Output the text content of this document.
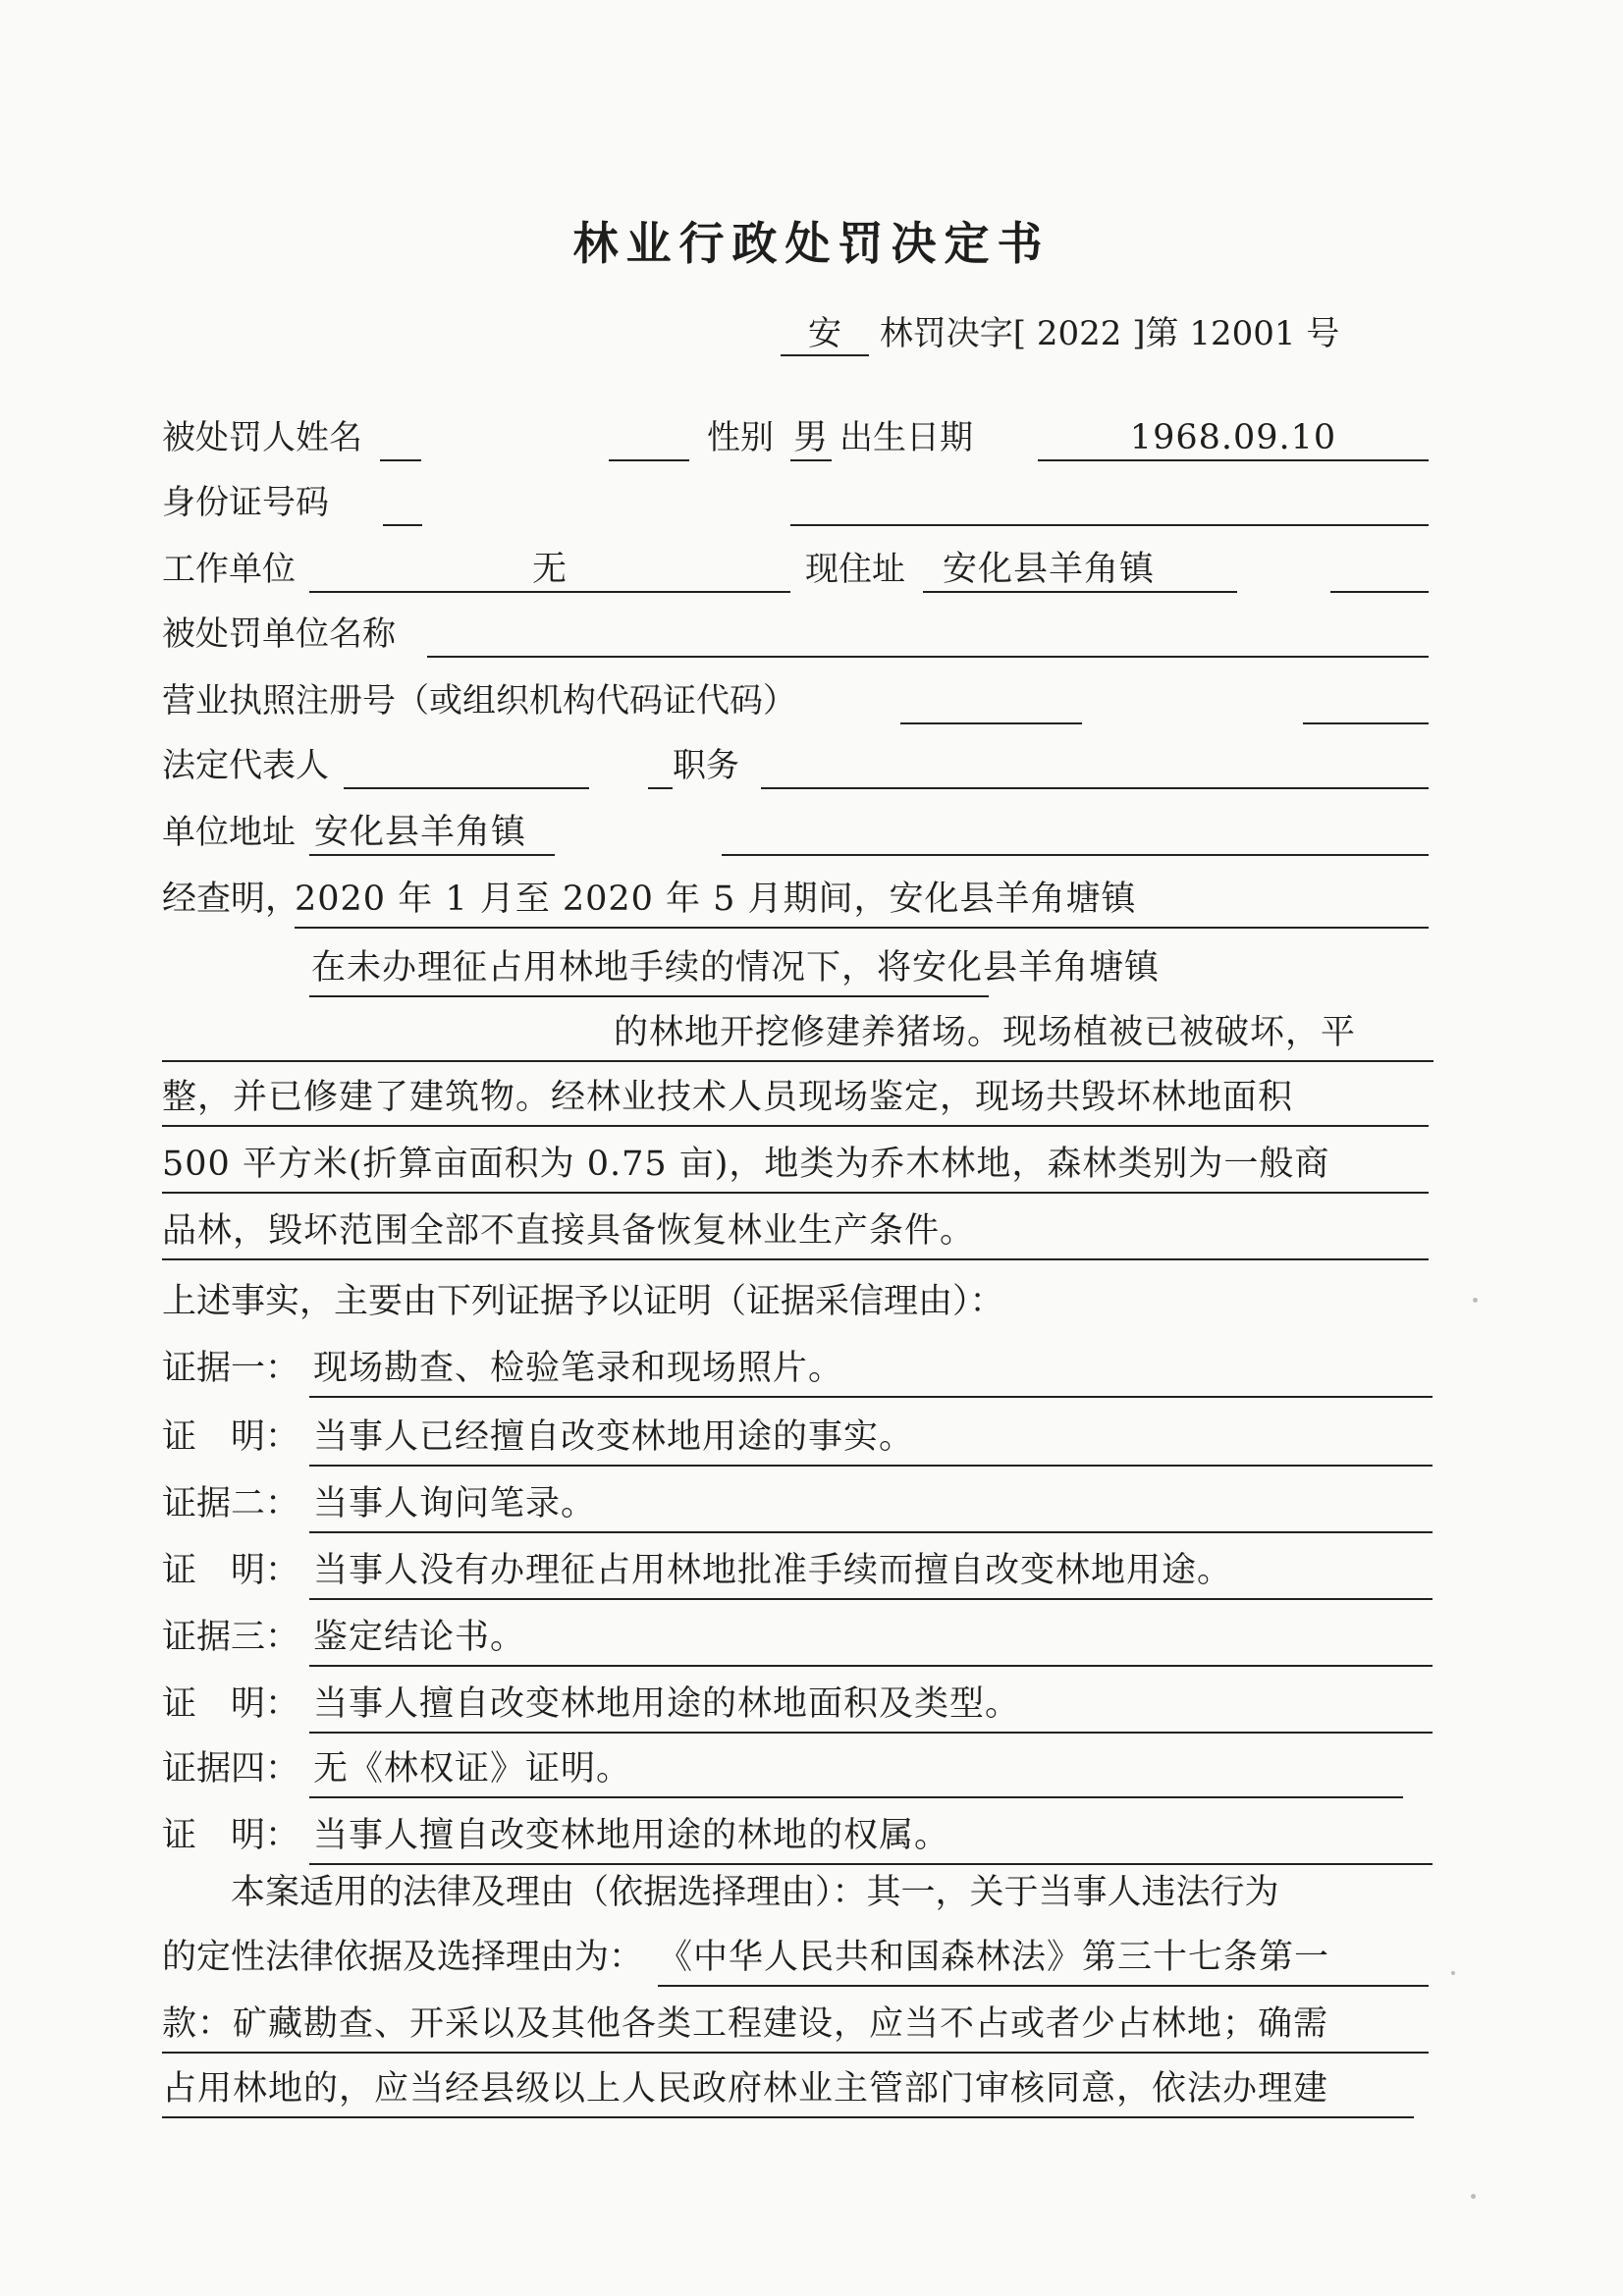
林业行政处罚决定书
安 林罚决字[ 2022 ]第 12001 号
被处罚人姓名	性别 男 出生日期	1968.09.10
身份证号码
工作单位	无	现住址	安化县羊角镇
被处罚单位名称
营业执照注册号（或组织机构代码证代码）
法定代表人	职务
单位地址 安化县羊角镇
经查明，
2020 年 1 月至 2020 年 5 月期间，安化县羊角塘镇
在未办理征占用林地手续的情况下，将安化县羊角塘镇
的林地开挖修建养猪场。现场植被已被破坏，平
整，并已修建了建筑物。经林业技术人员现场鉴定，现场共毁坏林地面积
500 平方米(折算亩面积为 0.75 亩)，地类为乔木林地，森林类别为一般商
品林，毁坏范围全部不直接具备恢复林业生产条件。
上述事实，主要由下列证据予以证明（证据采信理由）：
证据一： 现场勘查、检验笔录和现场照片。
证　明： 当事人已经擅自改变林地用途的事实。
证据二： 当事人询问笔录。
证　明： 当事人没有办理征占用林地批准手续而擅自改变林地用途。
证据三： 鉴定结论书。
证　明： 当事人擅自改变林地用途的林地面积及类型。
证据四： 无《林权证》证明。
证　明： 当事人擅自改变林地用途的林地的权属。
本案适用的法律及理由（依据选择理由）：其一，关于当事人违法行为
的定性法律依据及选择理由为： 《中华人民共和国森林法》第三十七条第一
款：矿藏勘查、开采以及其他各类工程建设，应当不占或者少占林地；确需
占用林地的，应当经县级以上人民政府林业主管部门审核同意，依法办理建
